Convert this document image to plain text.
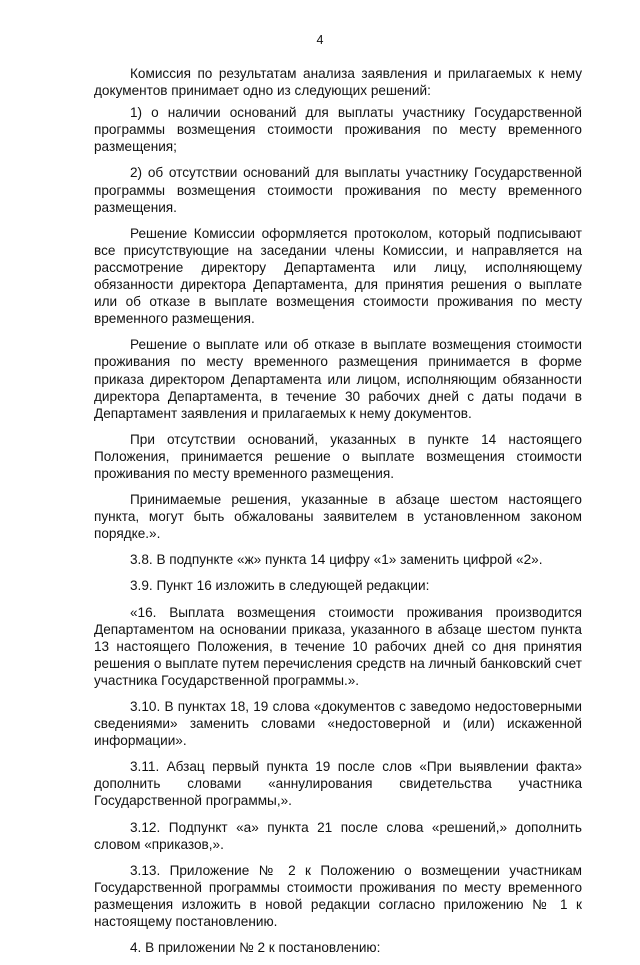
4

Комиссия по результатам анализа заявления и прилагаемых к нему документов принимает одно из следующих решений:

1) о наличии оснований для выплаты участнику Государственной программы возмещения стоимости проживания по месту временного размещения;

2) об отсутствии оснований для выплаты участнику Государственной программы возмещения стоимости проживания по месту временного размещения.

Решение Комиссии оформляется протоколом, который подписывают все присутствующие на заседании члены Комиссии, и направляется на рассмотрение директору Департамента или лицу, исполняющему обязанности директора Департамента, для принятия решения о выплате или об отказе в выплате возмещения стоимости проживания по месту временного размещения.

Решение о выплате или об отказе в выплате возмещения стоимости проживания по месту временного размещения принимается в форме приказа директором Департамента или лицом, исполняющим обязанности директора Департамента, в течение 30 рабочих дней с даты подачи в Департамент заявления и прилагаемых к нему документов.

При отсутствии оснований, указанных в пункте 14 настоящего Положения, принимается решение о выплате возмещения стоимости проживания по месту временного размещения.

Принимаемые решения, указанные в абзаце шестом настоящего пункта, могут быть обжалованы заявителем в установленном законом порядке.».

3.8. В подпункте «ж» пункта 14 цифру «1» заменить цифрой «2».

3.9. Пункт 16 изложить в следующей редакции:

«16. Выплата возмещения стоимости проживания производится Департаментом на основании приказа, указанного в абзаце шестом пункта 13 настоящего Положения, в течение 10 рабочих дней со дня принятия решения о выплате путем перечисления средств на личный банковский счет участника Государственной программы.».

3.10. В пунктах 18, 19 слова «документов с заведомо недостоверными сведениями» заменить словами «недостоверной и (или) искаженной информации».

3.11. Абзац первый пункта 19 после слов «При выявлении факта» дополнить словами «аннулирования свидетельства участника Государственной программы,».

3.12. Подпункт «а» пункта 21 после слова «решений,» дополнить словом «приказов,».

3.13. Приложение № 2 к Положению о возмещении участникам Государственной программы стоимости проживания по месту временного размещения изложить в новой редакции согласно приложению № 1 к настоящему постановлению.

4. В приложении № 2 к постановлению:
